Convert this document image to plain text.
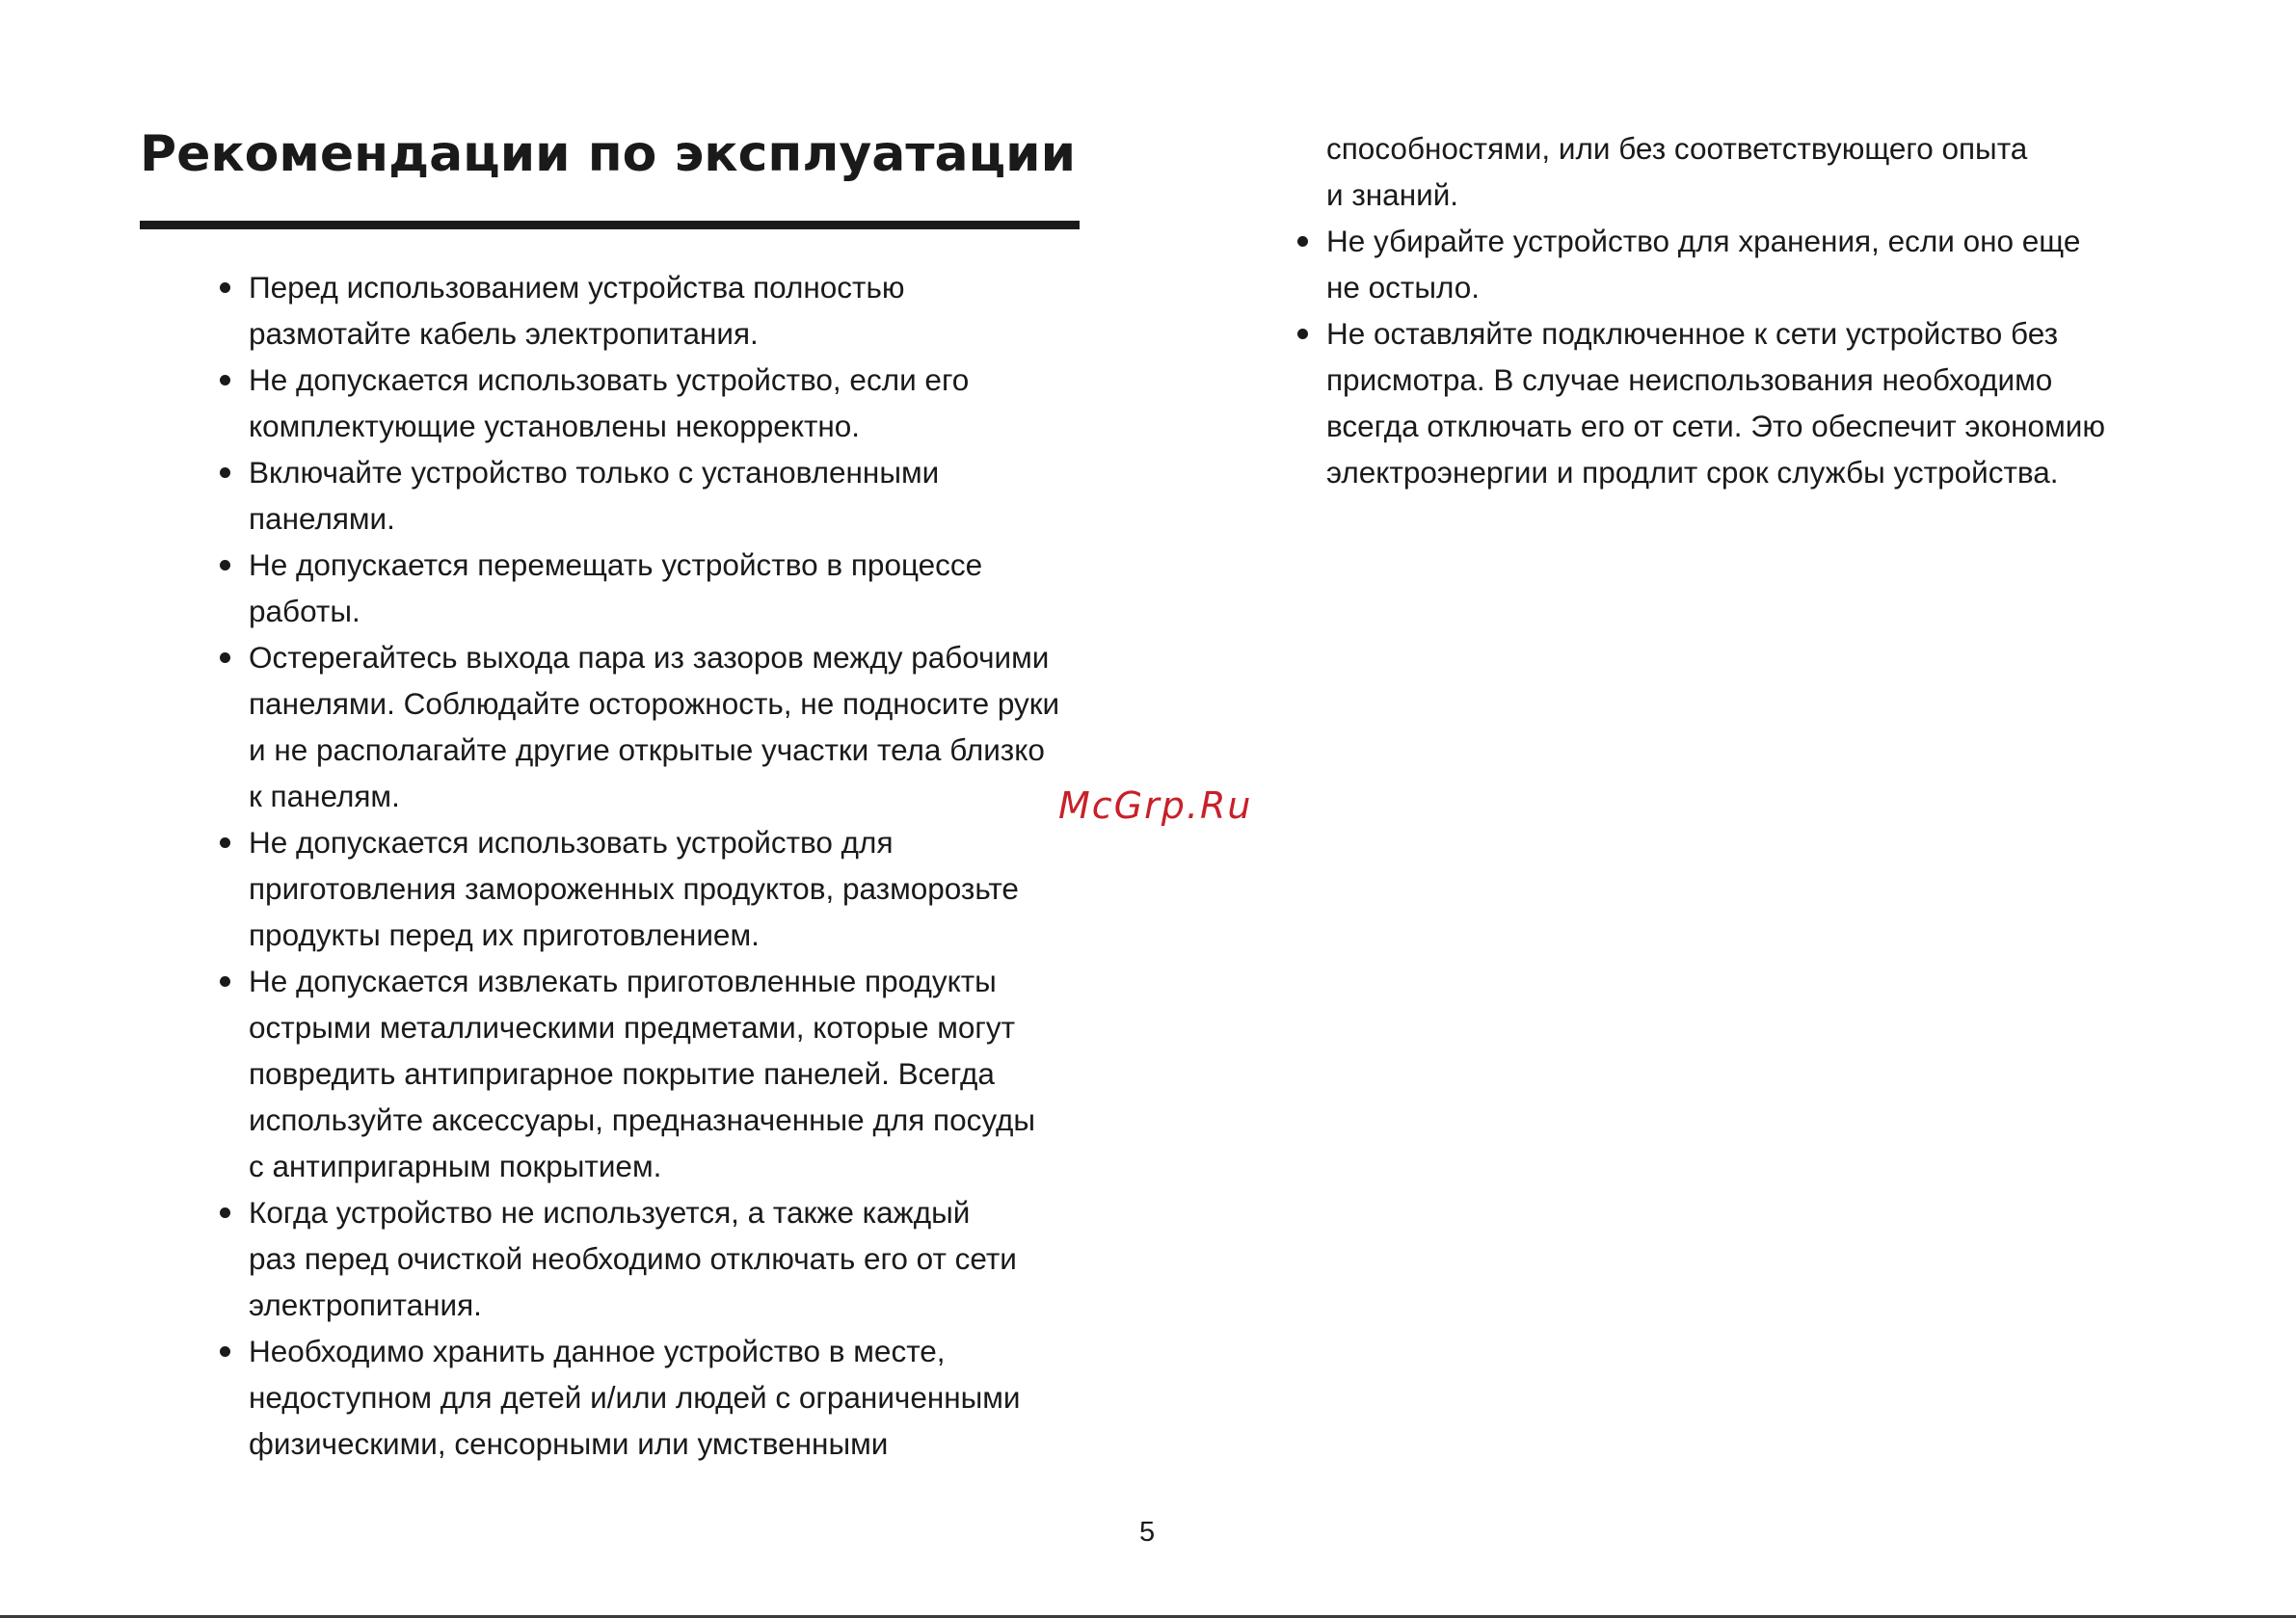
Рекомендации по эксплуатации
Перед использованием устройства полностью
размотайте кабель электропитания.
Не допускается использовать устройство, если его
комплектующие установлены некорректно.
Включайте устройство только с установленными
панелями.
Не допускается перемещать устройство в процессе
работы.
Остерегайтесь выхода пара из зазоров между рабочими
панелями. Соблюдайте осторожность, не подносите руки
и не располагайте другие открытые участки тела близко
к панелям.
Не допускается использовать устройство для
приготовления замороженных продуктов, разморозьте
продукты перед их приготовлением.
Не допускается извлекать приготовленные продукты
острыми металлическими предметами, которые могут
повредить антипригарное покрытие панелей. Всегда
используйте аксессуары, предназначенные для посуды
с антипригарным покрытием.
Когда устройство не используется, а также каждый
раз перед очисткой необходимо отключать его от сети
электропитания.
Необходимо хранить данное устройство в месте,
недоступном для детей и/или людей с ограниченными
физическими, сенсорными или умственными
способностями, или без соответствующего опыта
и знаний.
Не убирайте устройство для хранения, если оно еще
не остыло.
Не оставляйте подключенное к сети устройство без
присмотра. В случае неиспользования необходимо
всегда отключать его от сети. Это обеспечит экономию
электроэнергии и продлит срок службы устройства.
McGrp.Ru
5
